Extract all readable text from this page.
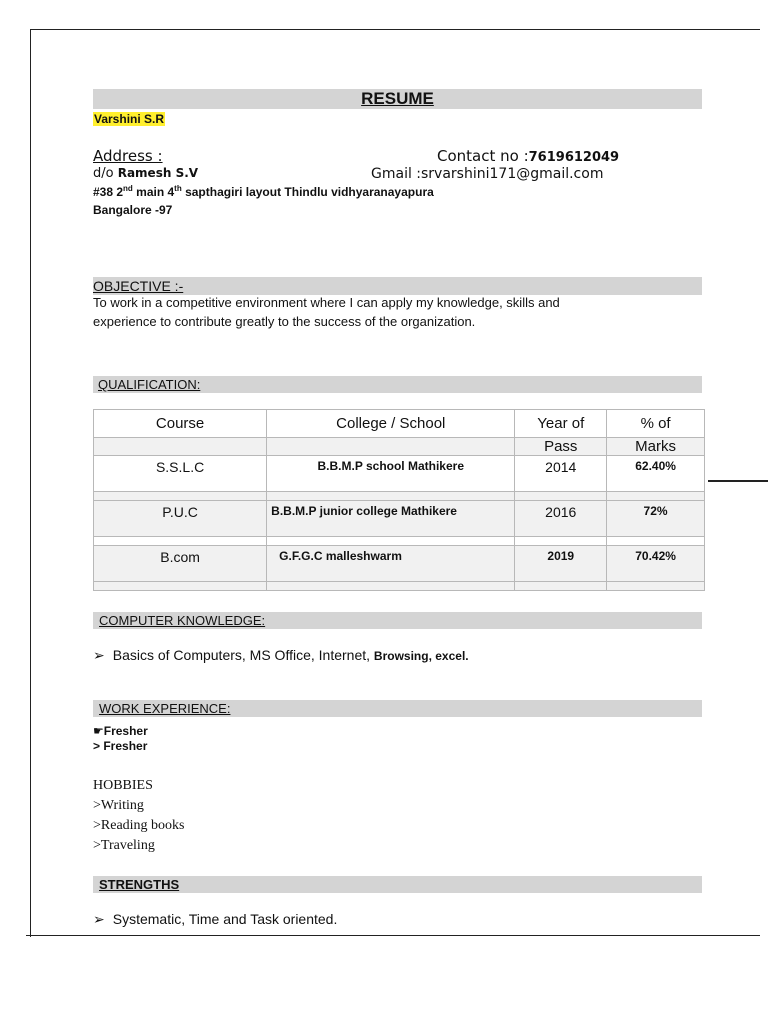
RESUME
Varshini S.R
Address :
d/o Ramesh S.V
#38 2nd main 4th sapthagiri layout Thindlu vidhyaranayapura
Bangalore -97
Contact no :7619612049
Gmail :srvarshini171@gmail.com
OBJECTIVE :-
To work in a competitive environment where I can apply my knowledge, skills and
experience to contribute greatly to the success of the organization.
QUALIFICATION:
Course	College / School	Year of	% of
		Pass	Marks
S.S.L.C	B.B.M.P school Mathikere	2014	62.40%

P.U.C	B.B.M.P junior college Mathikere	2016	72%

B.com	G.F.G.C malleshwarm	2019	70.42%

COMPUTER KNOWLEDGE:
➢ Basics of Computers, MS Office, Internet, Browsing, excel.
WORK EXPERIENCE:
☛Fresher
> Fresher
HOBBIES
>Writing
>Reading books
>Traveling
STRENGTHS
➢ Systematic, Time and Task oriented.
